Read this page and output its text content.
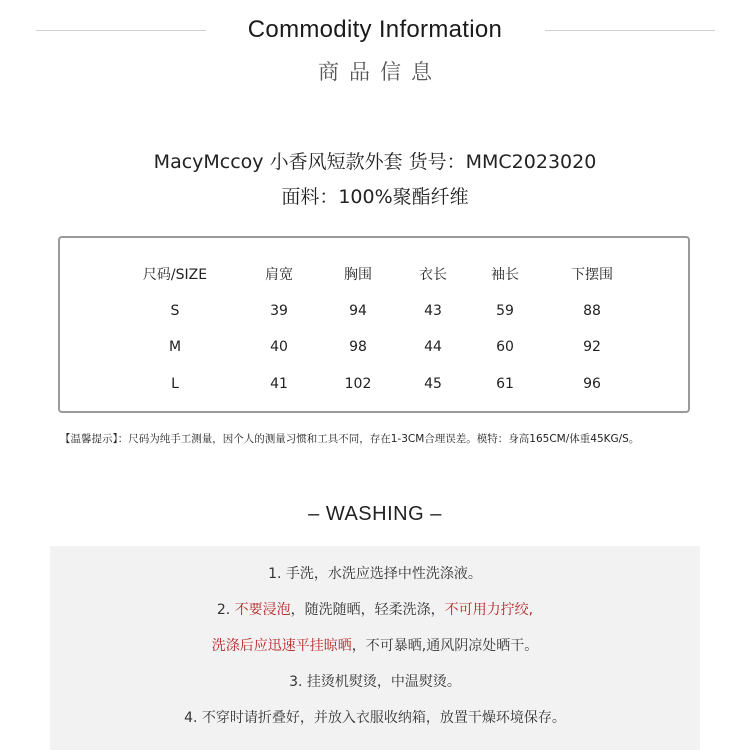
Commodity Information
商品信息
MacyMccoy 小香风短款外套 货号：MMC2023020
面料：100%聚酯纤维
尺码/SIZE	肩宽	胸围	衣长	袖长	下摆围
S	39	94	43	59	88
M	40	98	44	60	92
L	41	102	45	61	96
【温馨提示】：尺码为纯手工测量，因个人的测量习惯和工具不同，存在1-3CM合理误差。模特：身高165CM/体重45KG/S。
– WASHING –
1. 手洗，水洗应选择中性洗涤液。
2. 不要浸泡，随洗随晒，轻柔洗涤，不可用力拧绞,
洗涤后应迅速平挂晾晒，不可暴晒,通风阴凉处晒干。
3. 挂烫机熨烫，中温熨烫。
4. 不穿时请折叠好，并放入衣服收纳箱，放置干燥环境保存。
